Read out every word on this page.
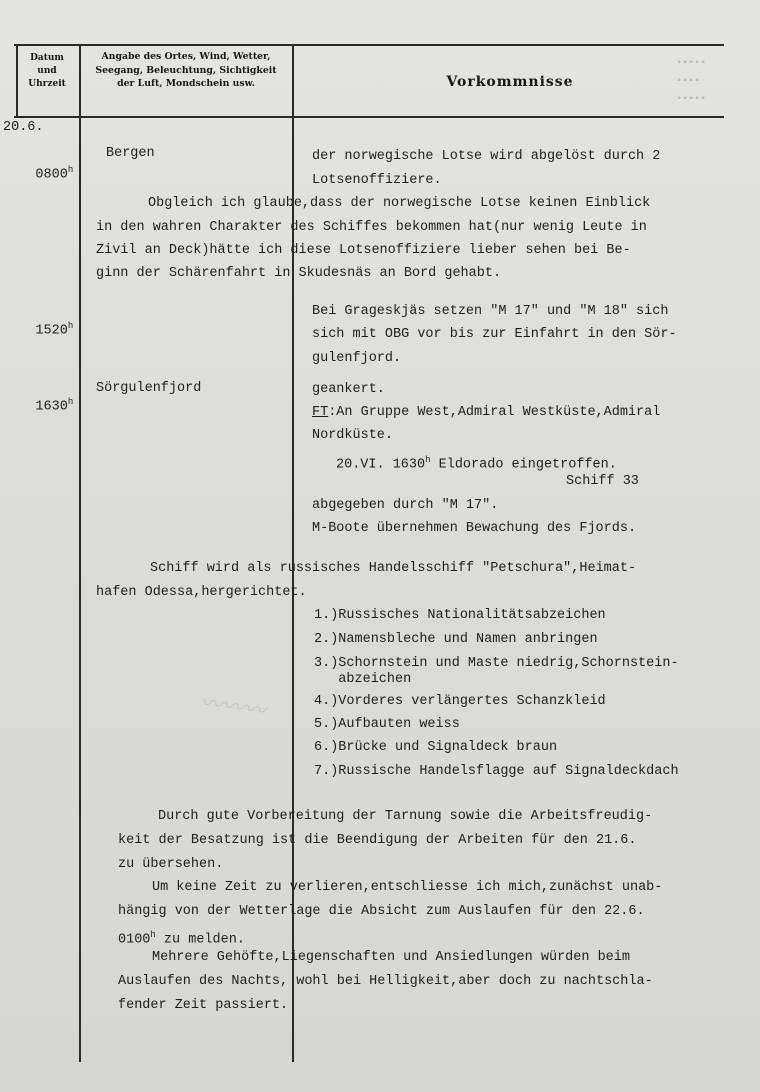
Datum
und
Uhrzeit
Angabe des Ortes, Wind, Wetter,
Seegang, Beleuchtung, Sichtigkeit
der Luft, Mondschein usw.	Vorkommnisse
▪▪▪▪▪
▪▪▪▪
▪▪▪▪▪
〰〰〰
20.6.

0800$^h$

1520$^h$

1630$^h$

Bergen
Sörgulenfjord
der norwegische Lotse wird abgelöst durch 2
Lotsenoffiziere.
Obgleich ich glaube,dass der norwegische Lotse keinen Einblick
in den wahren Charakter des Schiffes bekommen hat(nur wenig Leute in
Zivil an Deck)hätte ich diese Lotsenoffiziere lieber sehen bei Be-
ginn der Schärenfahrt in Skudesnäs an Bord gehabt.
Bei Grageskjäs setzen "M 17" und "M 18" sich
sich mit OBG vor bis zur Einfahrt in den Sör-
gulenfjord.
geankert.
FT:An Gruppe West,Admiral Westküste,Admiral
Nordküste.
20.VI. 1630$^h$ Eldorado eingetroffen.
Schiff 33
abgegeben durch "M 17".
M-Boote übernehmen Bewachung des Fjords.
Schiff wird als russisches Handelsschiff "Petschura",Heimat-
hafen Odessa,hergerichtet.
1.)Russisches Nationalitätsabzeichen
2.)Namensbleche und Namen anbringen
3.)Schornstein und Maste niedrig,Schornstein-
abzeichen
4.)Vorderes verlängertes Schanzkleid
5.)Aufbauten weiss
6.)Brücke und Signaldeck braun
7.)Russische Handelsflagge auf Signaldeckdach
Durch gute Vorbereitung der Tarnung sowie die Arbeitsfreudig-
keit der Besatzung ist die Beendigung der Arbeiten für den 21.6.
zu übersehen.
Um keine Zeit zu verlieren,entschliesse ich mich,zunächst unab-
hängig von der Wetterlage die Absicht zum Auslaufen für den 22.6.
0100$^h$ zu melden.
Mehrere Gehöfte,Liegenschaften und Ansiedlungen würden beim
Auslaufen des Nachts, wohl bei Helligkeit,aber doch zu nachtschla-
fender Zeit passiert.
